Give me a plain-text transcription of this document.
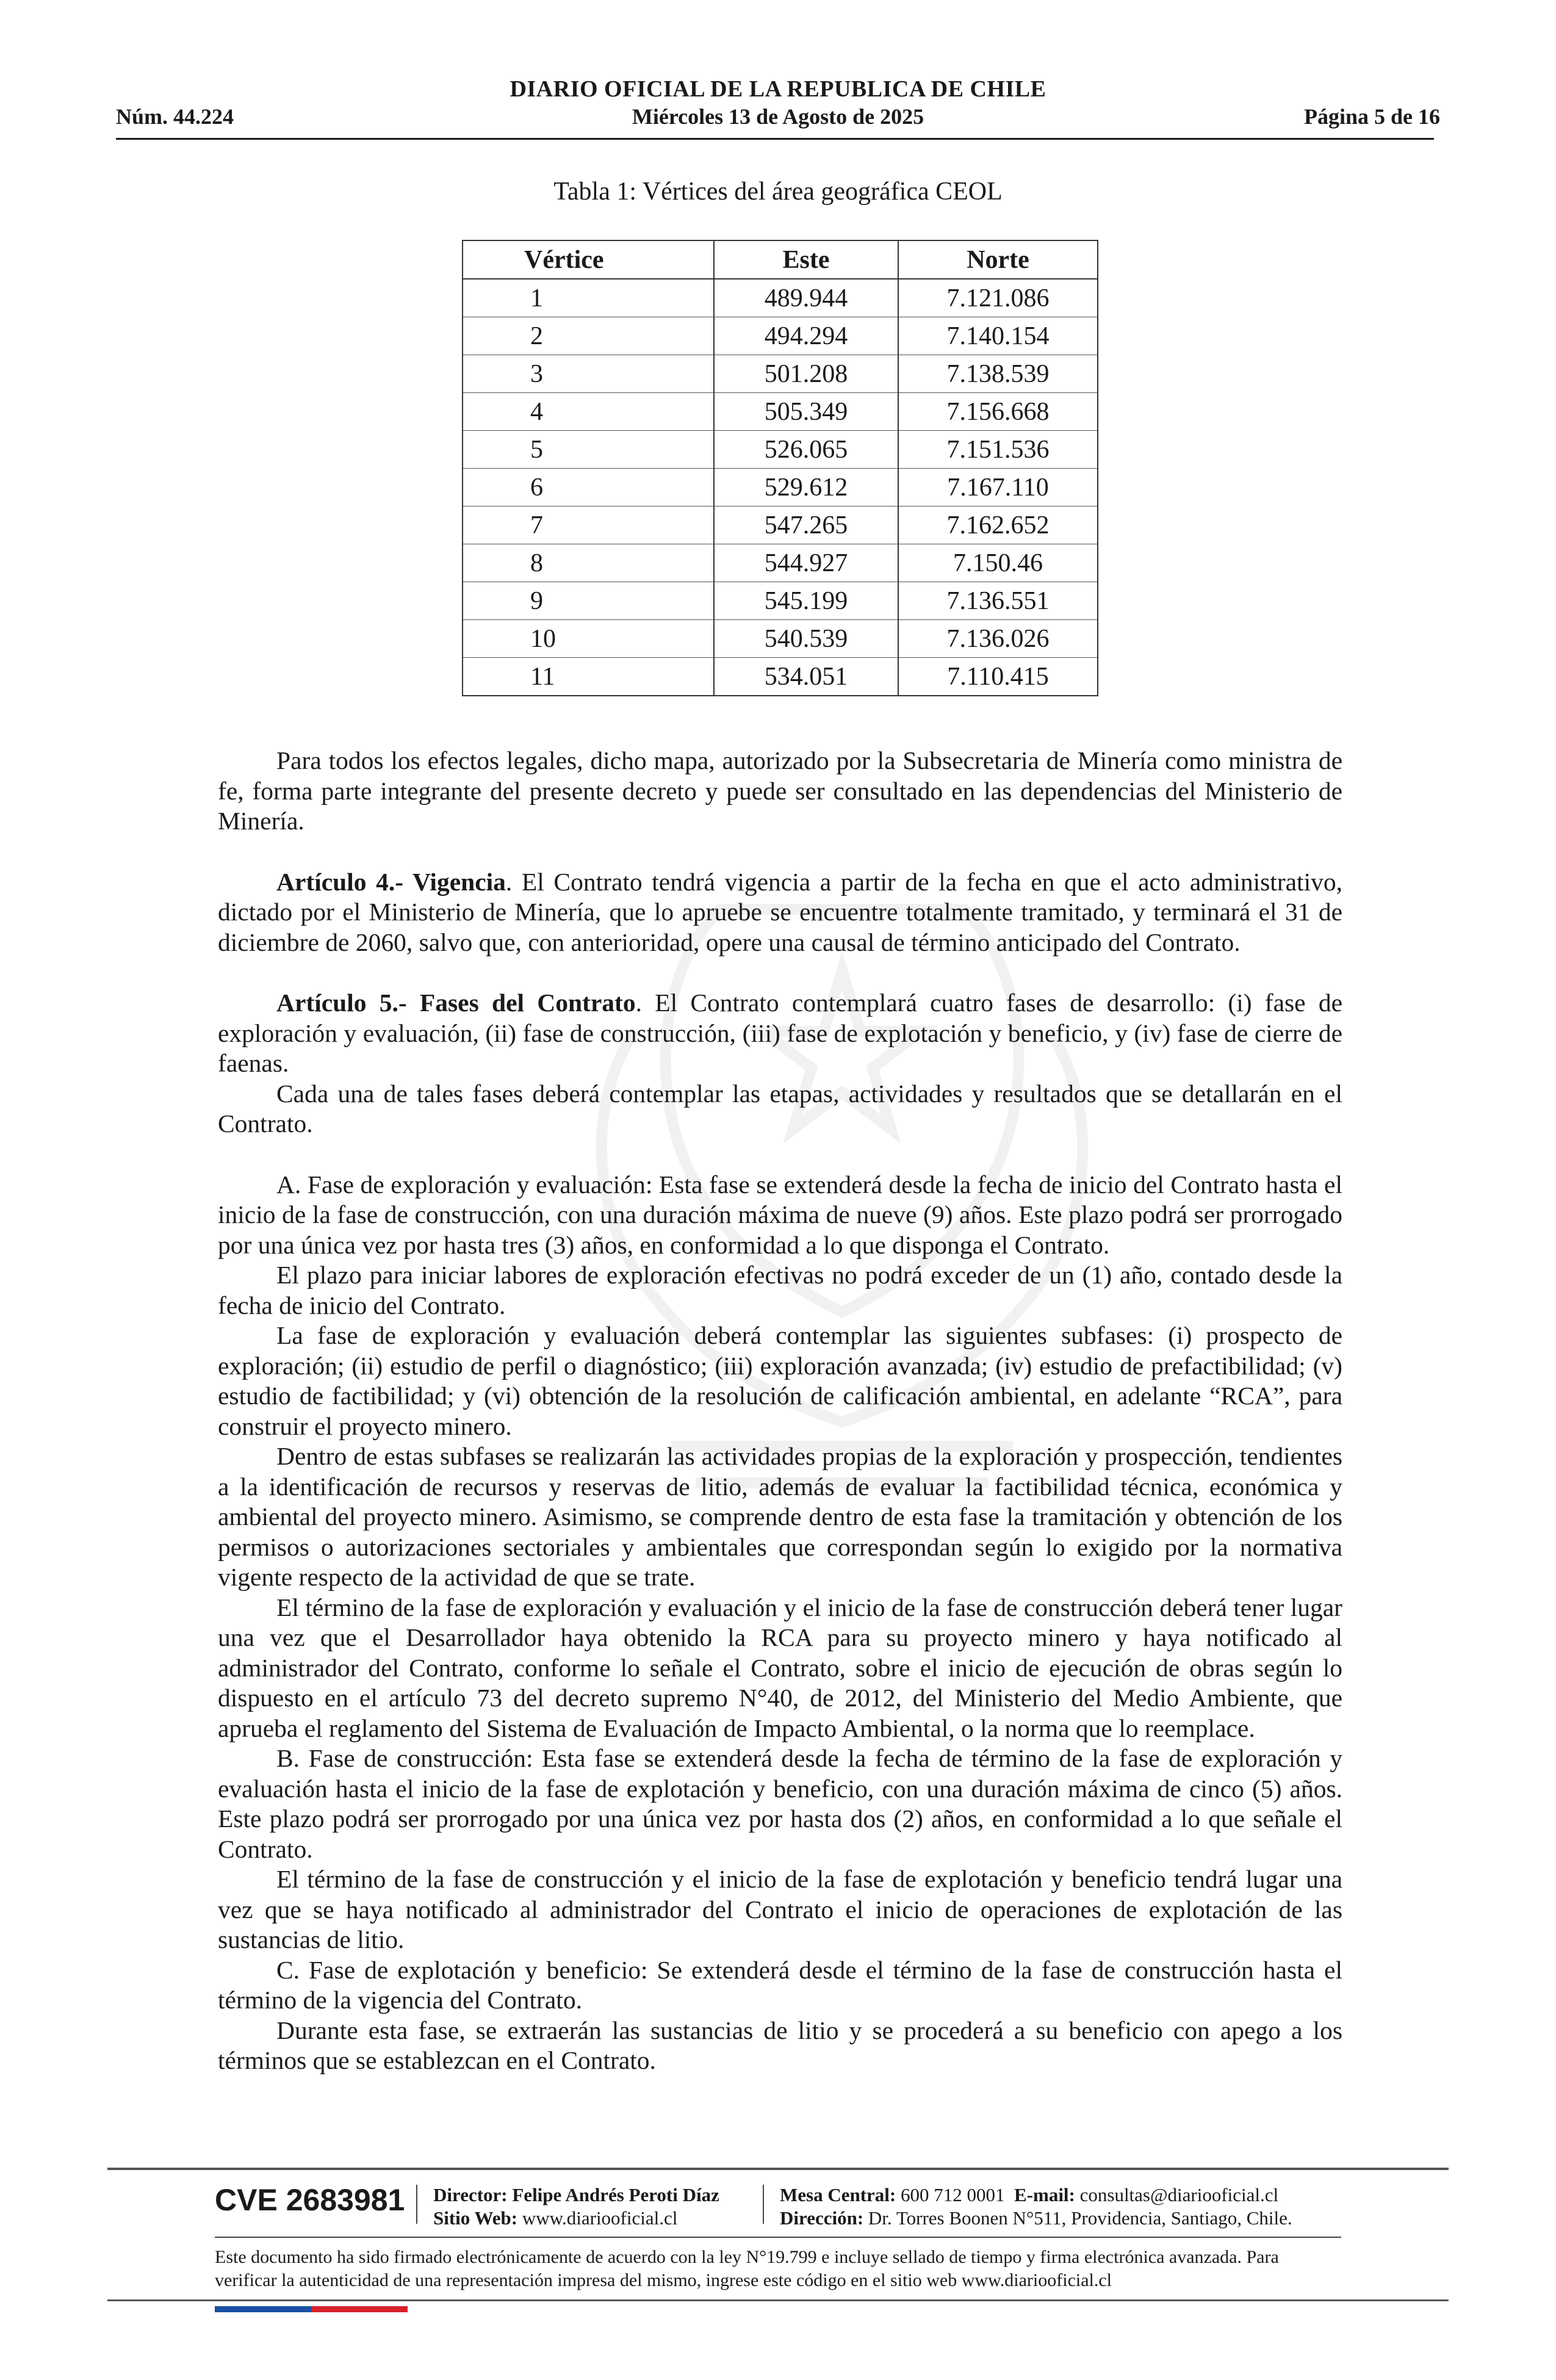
Núm. 44.224
DIARIO OFICIAL DE LA REPUBLICA DE CHILE
Miércoles 13 de Agosto de 2025	Página 5 de 16
Tabla 1: Vértices del área geográfica CEOL
Vértice	Este	Norte
1	489.944	7.121.086
2	494.294	7.140.154
3	501.208	7.138.539
4	505.349	7.156.668
5	526.065	7.151.536
6	529.612	7.167.110
7	547.265	7.162.652
8	544.927	7.150.46
9	545.199	7.136.551
10	540.539	7.136.026
11	534.051	7.110.415

Para todos los efectos legales, dicho mapa, autorizado por la Subsecretaria de Minería como ministra de fe, forma parte integrante del presente decreto y puede ser consultado en las dependencias del Ministerio de Minería.

Artículo 4.- Vigencia. El Contrato tendrá vigencia a partir de la fecha en que el acto administrativo, dictado por el Ministerio de Minería, que lo apruebe se encuentre totalmente tramitado, y terminará el 31 de diciembre de 2060, salvo que, con anterioridad, opere una causal de término anticipado del Contrato.

Artículo 5.- Fases del Contrato. El Contrato contemplará cuatro fases de desarrollo: (i) fase de exploración y evaluación, (ii) fase de construcción, (iii) fase de explotación y beneficio, y (iv) fase de cierre de faenas.

Cada una de tales fases deberá contemplar las etapas, actividades y resultados que se detallarán en el Contrato.

A. Fase de exploración y evaluación: Esta fase se extenderá desde la fecha de inicio del Contrato hasta el inicio de la fase de construcción, con una duración máxima de nueve (9) años. Este plazo podrá ser prorrogado por una única vez por hasta tres (3) años, en conformidad a lo que disponga el Contrato.

El plazo para iniciar labores de exploración efectivas no podrá exceder de un (1) año, contado desde la fecha de inicio del Contrato.

La fase de exploración y evaluación deberá contemplar las siguientes subfases: (i) prospecto de exploración; (ii) estudio de perfil o diagnóstico; (iii) exploración avanzada; (iv) estudio de prefactibilidad; (v) estudio de factibilidad; y (vi) obtención de la resolución de calificación ambiental, en adelante “RCA”, para construir el proyecto minero.

Dentro de estas subfases se realizarán las actividades propias de la exploración y prospección, tendientes a la identificación de recursos y reservas de litio, además de evaluar la factibilidad técnica, económica y ambiental del proyecto minero. Asimismo, se comprende dentro de esta fase la tramitación y obtención de los permisos o autorizaciones sectoriales y ambientales que correspondan según lo exigido por la normativa vigente respecto de la actividad de que se trate.

El término de la fase de exploración y evaluación y el inicio de la fase de construcción deberá tener lugar una vez que el Desarrollador haya obtenido la RCA para su proyecto minero y haya notificado al administrador del Contrato, conforme lo señale el Contrato, sobre el inicio de ejecución de obras según lo dispuesto en el artículo 73 del decreto supremo N°40, de 2012, del Ministerio del Medio Ambiente, que aprueba el reglamento del Sistema de Evaluación de Impacto Ambiental, o la norma que lo reemplace.

B. Fase de construcción: Esta fase se extenderá desde la fecha de término de la fase de exploración y evaluación hasta el inicio de la fase de explotación y beneficio, con una duración máxima de cinco (5) años. Este plazo podrá ser prorrogado por una única vez por hasta dos (2) años, en conformidad a lo que señale el Contrato.

El término de la fase de construcción y el inicio de la fase de explotación y beneficio tendrá lugar una vez que se haya notificado al administrador del Contrato el inicio de operaciones de explotación de las sustancias de litio.

C. Fase de explotación y beneficio: Se extenderá desde el término de la fase de construcción hasta el término de la vigencia del Contrato.

Durante esta fase, se extraerán las sustancias de litio y se procederá a su beneficio con apego a los términos que se establezcan en el Contrato.

CVE 2683981 Director: Felipe Andrés Peroti Díaz
Sitio Web: www.diariooficial.cl
Mesa Central: 600 712 0001 E-mail: consultas@diariooficial.cl
Dirección: Dr. Torres Boonen N°511, Providencia, Santiago, Chile.
Este documento ha sido firmado electrónicamente de acuerdo con la ley N°19.799 e incluye sellado de tiempo y firma electrónica avanzada. Para verificar la autenticidad de una representación impresa del mismo, ingrese este código en el sitio web www.diariooficial.cl
